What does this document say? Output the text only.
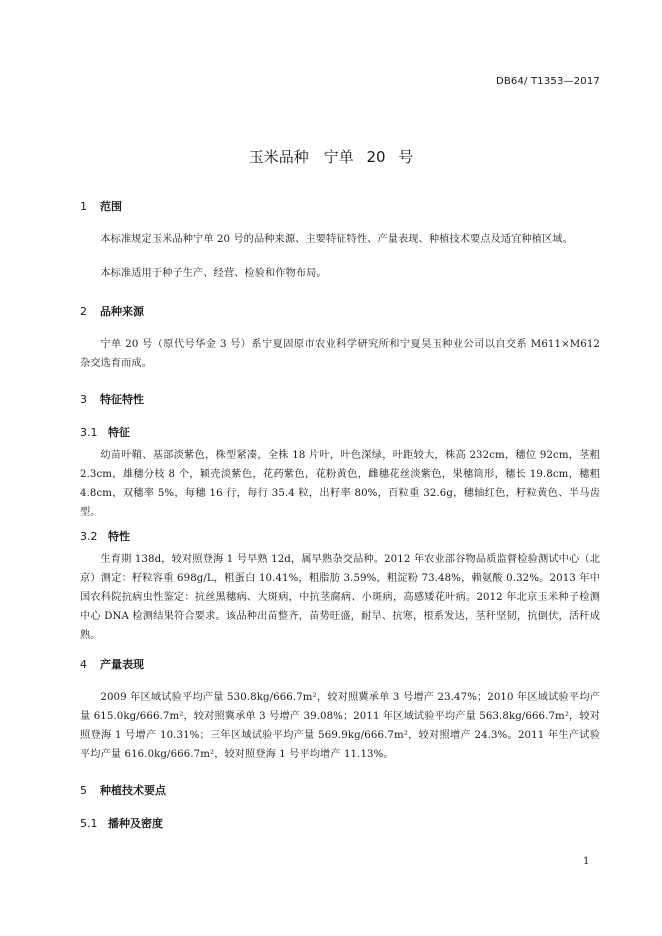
DB64/ T1353—2017
玉米品种　宁单 20 号
1 范围

本标准规定玉米品种宁单 20 号的品种来源、主要特征特性、产量表现、种植技术要点及适宜种植区域。

本标准适用于种子生产、经营、检验和作物布局。

2 品种来源

宁单 20 号（原代号华金 3 号）系宁夏固原市农业科学研究所和宁夏昊玉种业公司以自交系 M611×M612 杂交选育而成。

3 特征特性
3.1 特征

幼苗叶鞘、基部淡紫色，株型紧凑，全株 18 片叶，叶色深绿，叶距较大，株高 232cm，穗位 92cm，茎粗 2.3cm，雄穗分枝 8 个，颖壳淡紫色，花药紫色，花粉黄色，雌穗花丝淡紫色，果穗筒形，穗长 19.8cm，穗粗 4.8cm，双穗率 5%，每穗 16 行，每行 35.4 粒，出籽率 80%，百粒重 32.6g，穗轴红色，籽粒黄色、半马齿型。

3.2 特性

生育期 138d，较对照登海 1 号早熟 12d，属早熟杂交品种。2012 年农业部谷物品质监督检验测试中心（北京）测定：籽粒容重 698g/L，粗蛋白 10.41%，粗脂肪 3.59%，粗淀粉 73.48%，赖氨酸 0.32%。2013 年中国农科院抗病虫性鉴定：抗丝黑穗病、大斑病，中抗茎腐病、小斑病，高感矮花叶病。2012 年北京玉米种子检测中心 DNA 检测结果符合要求。该品种出苗整齐，苗势旺盛，耐旱、抗寒，根系发达，茎秆坚韧，抗倒伏，活秆成熟。

4 产量表现

2009 年区域试验平均产量 530.8kg/666.7m²，较对照冀承单 3 号增产 23.47%；2010 年区域试验平均产量 615.0kg/666.7m²，较对照冀承单 3 号增产 39.08%；2011 年区域试验平均产量 563.8kg/666.7m²，较对照登海 1 号增产 10.31%；三年区域试验平均产量 569.9kg/666.7m²，较对照增产 24.3%。2011 年生产试验平均产量 616.0kg/666.7m²，较对照登海 1 号平均增产 11.13%。

5 种植技术要点
5.1 播种及密度
1
